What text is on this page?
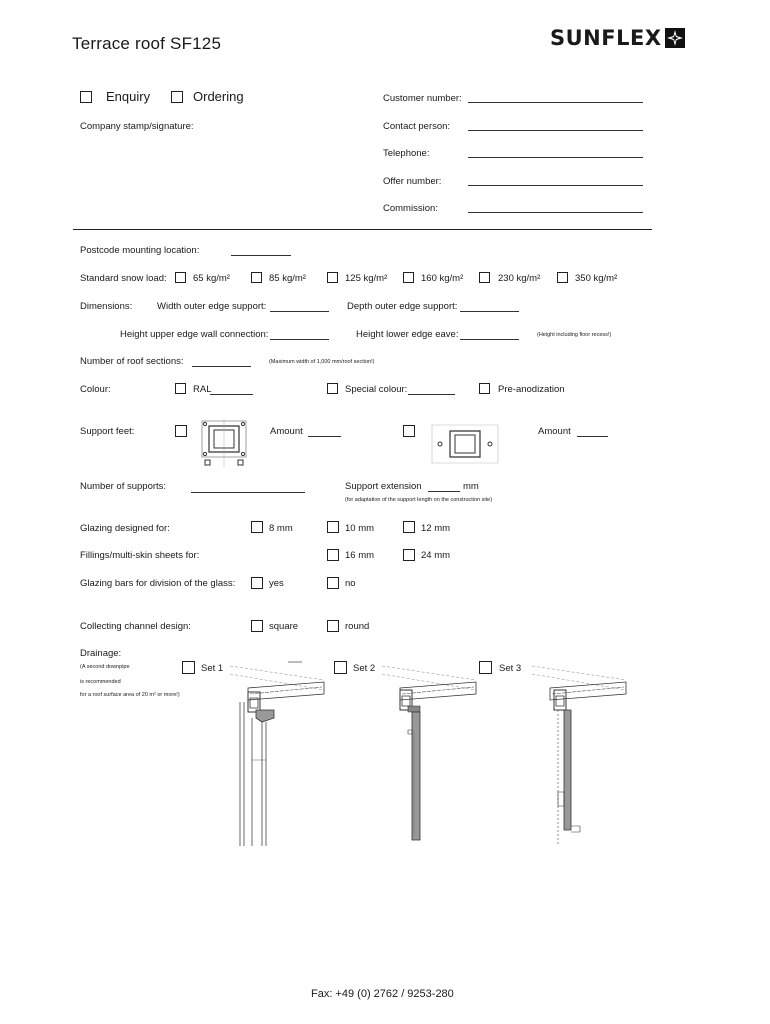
Terrace roof SF125	SUNFLEX
Enquiry	Ordering
Company stamp/signature:
Customer number:
Contact person:
Telephone:
Offer number:
Commission:
Postcode mounting location:
Standard snow load:	65 kg/m²	85 kg/m²	125 kg/m²	160 kg/m²	230 kg/m²	350 kg/m²
Dimensions:	Width outer edge support:	Depth outer edge support:
Height upper edge wall connection:	Height lower edge eave:	(Height including floor recess!)
Number of roof sections:	(Maximum width of 1,000 mm/roof section!)
Colour:	RAL	Special colour:	Pre-anodization
Support feet:	Amount	Amount
Number of supports:	Support extension	mm
(for adaptation of the support length on the construction site)
Glazing designed for:	8 mm	10 mm	12 mm
Fillings/multi-skin sheets for:	16 mm	24 mm
Glazing bars for division of the glass:	yes	no
Collecting channel design:	square	round
Drainage:
(A second downpipe
is recommended
for a roof surface area of 20 m² or more!)
Set 1	Set 2	Set 3
Fax: +49 (0) 2762 / 9253-280
